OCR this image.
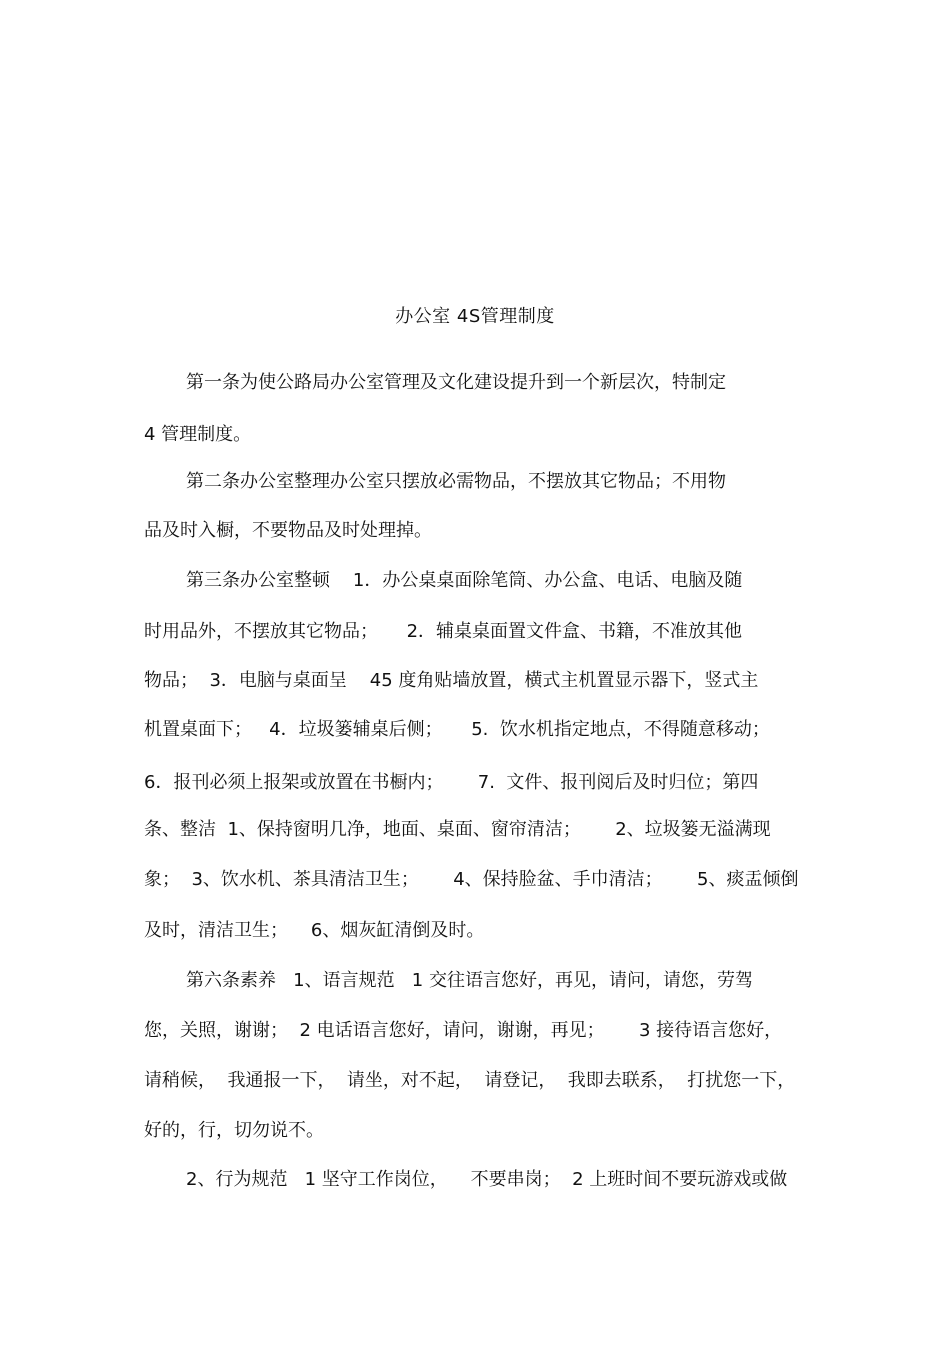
办公室 4S管理制度
第一条为使公路局办公室管理及文化建设提升到一个新层次，特制定
4 管理制度。
第二条办公室整理办公室只摆放必需物品，不摆放其它物品；不用物
品及时入橱，不要物品及时处理掉。
第三条办公室整顿    1．办公桌桌面除笔筒、办公盒、电话、电脑及随
时用品外，不摆放其它物品；     2．辅桌桌面置文件盒、书籍，不准放其他
物品；  3．电脑与桌面呈    45 度角贴墙放置，横式主机置显示器下，竖式主
机置桌面下；   4．垃圾篓辅桌后侧；     5.  饮水机指定地点，不得随意移动；
6．报刊必须上报架或放置在书橱内；      7.  文件、报刊阅后及时归位；第四
条、整洁  1、保持窗明几净，地面、桌面、窗帘清洁；      2、垃圾篓无溢满现
象；  3、饮水机、茶具清洁卫生；      4、保持脸盆、手巾清洁；      5、痰盂倾倒
及时，清洁卫生；    6、烟灰缸清倒及时。
第六条素养   1、语言规范   1 交往语言您好，再见，请问，请您，劳驾
您，关照，谢谢；  2 电话语言您好，请问，谢谢，再见；      3 接待语言您好，
请稍候，  我通报一下，  请坐，对不起，  请登记，  我即去联系，  打扰您一下，
好的，行，切勿说不。
2、行为规范   1 坚守工作岗位，    不要串岗；  2 上班时间不要玩游戏或做
